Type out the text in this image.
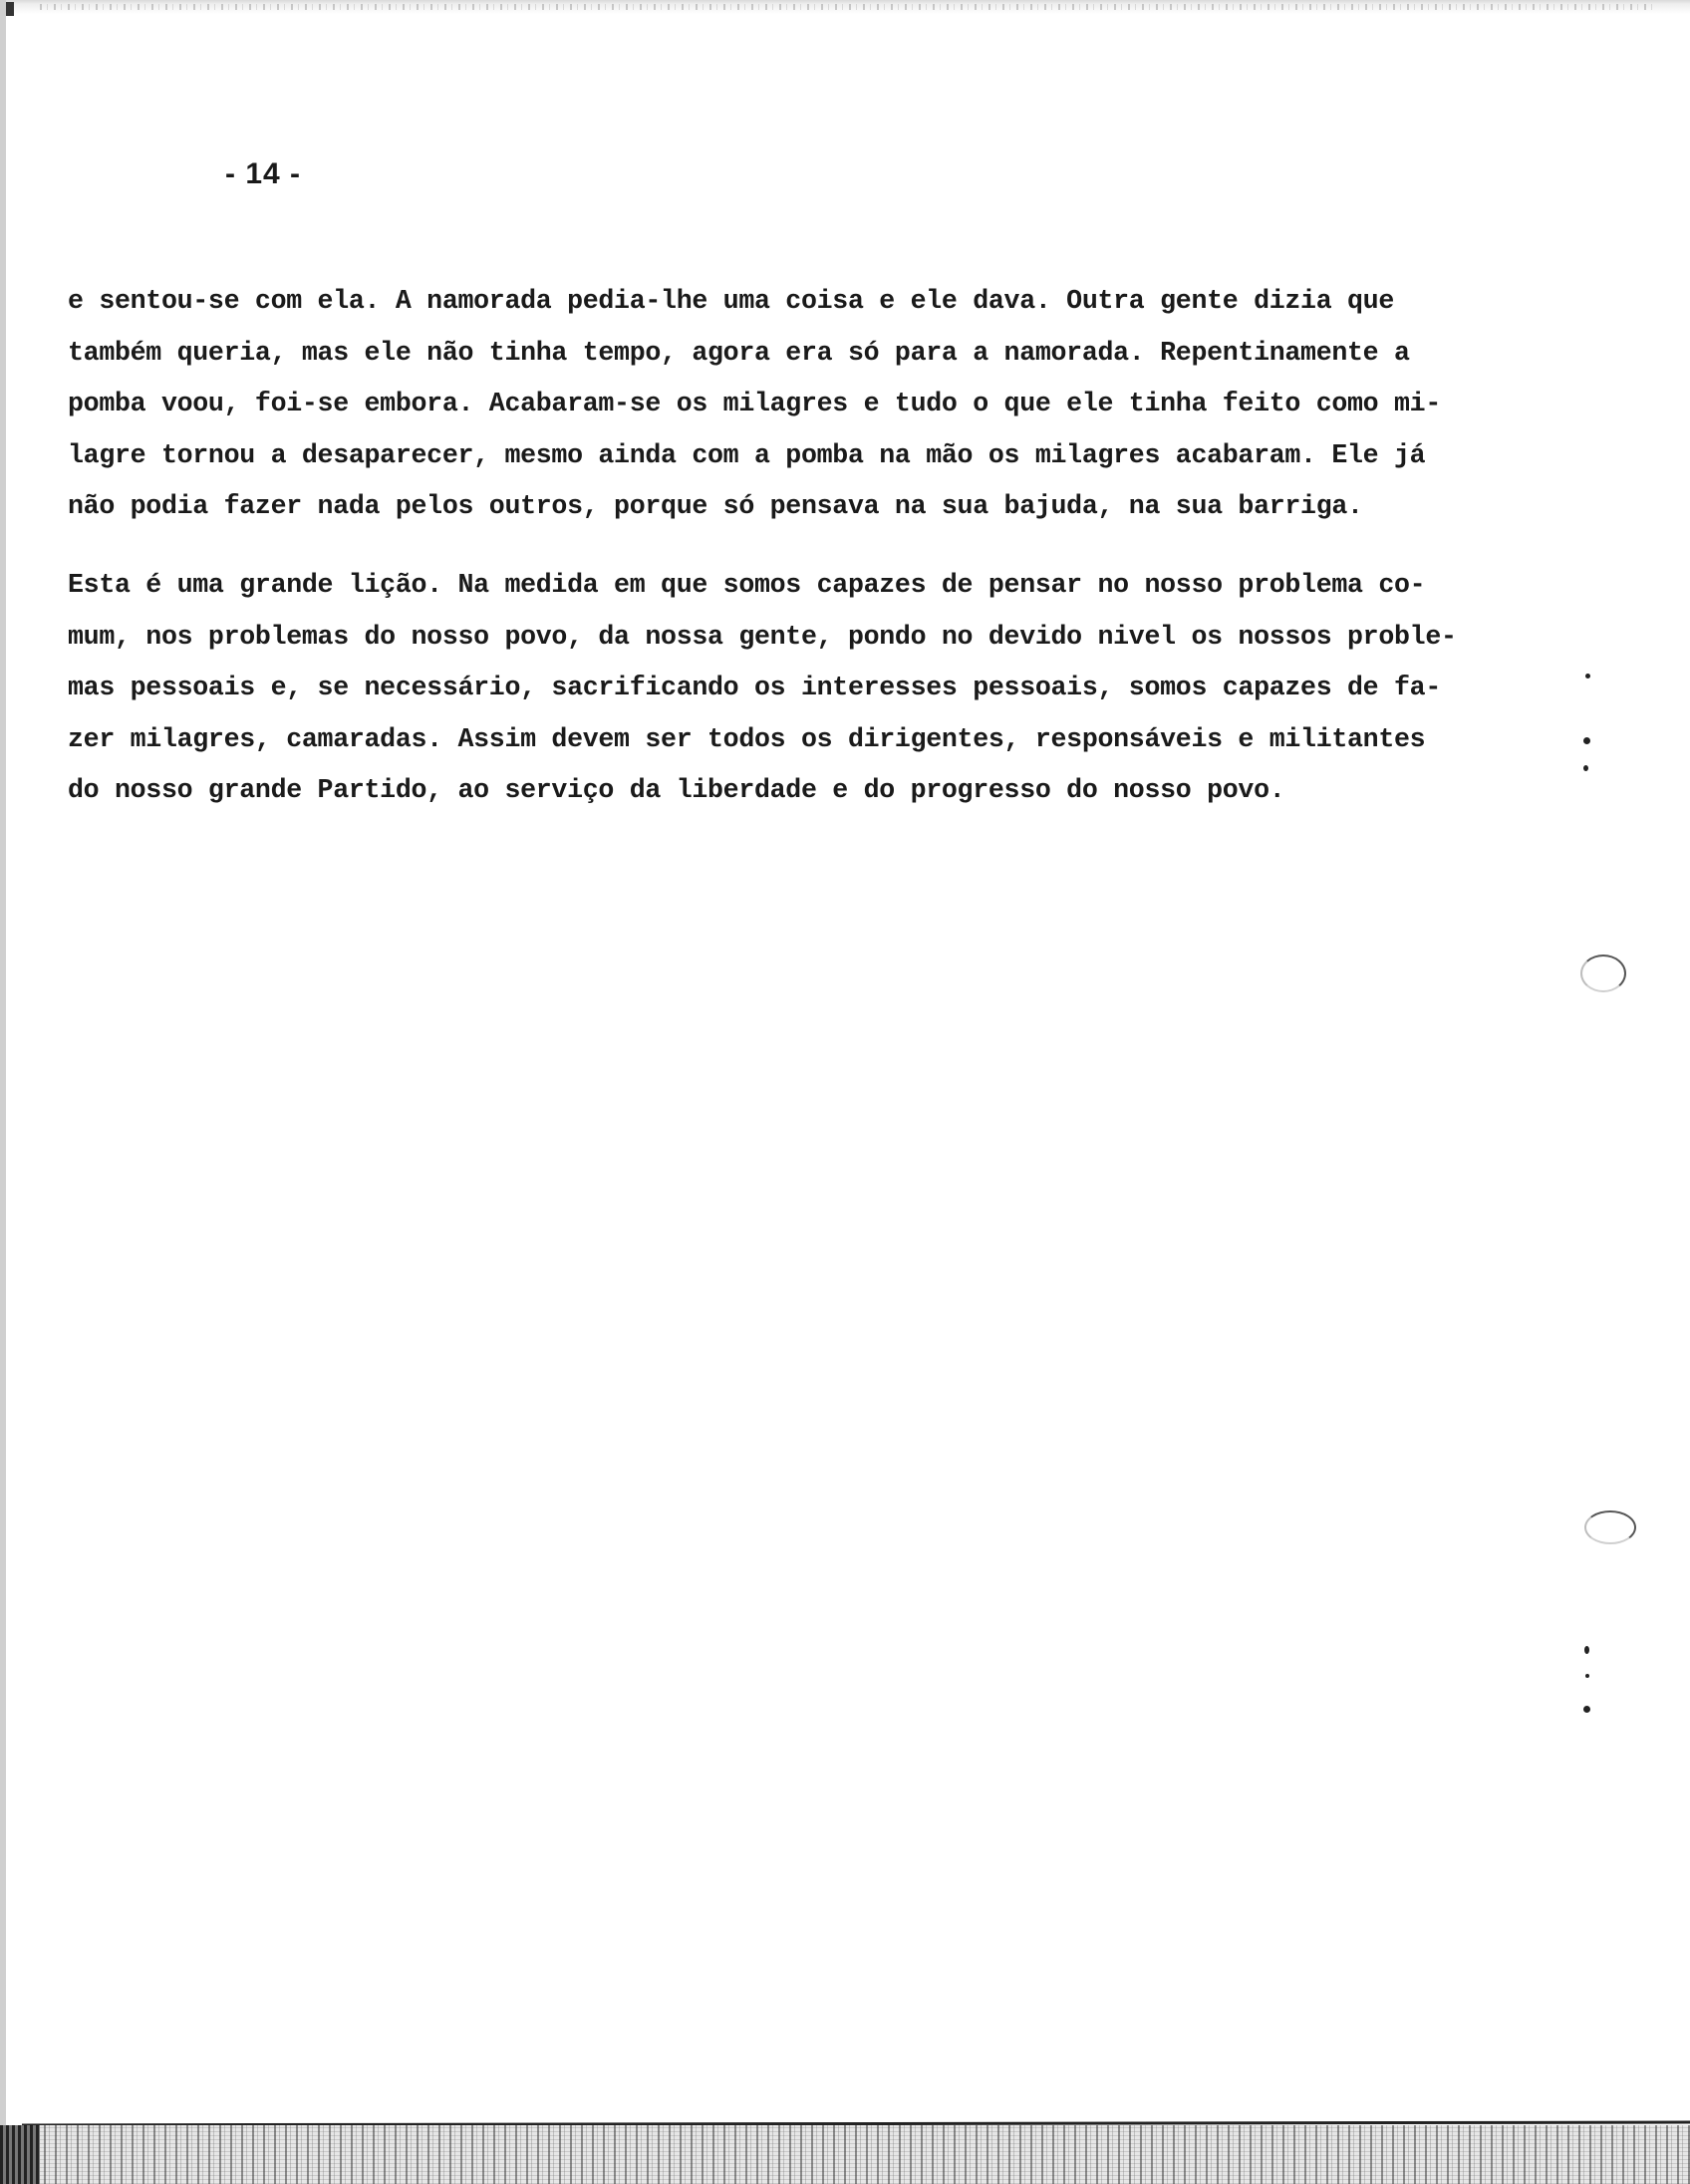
- 14 -
e sentou-se com ela. A namorada pedia-lhe uma coisa e ele dava. Outra gente dizia que
também queria, mas ele não tinha tempo, agora era só para a namorada. Repentinamente a
pomba voou, foi-se embora. Acabaram-se os milagres e tudo o que ele tinha feito como mi-
lagre tornou a desaparecer, mesmo ainda com a pomba na mão os milagres acabaram. Ele já
não podia fazer nada pelos outros, porque só pensava na sua bajuda, na sua barriga.
Esta é uma grande lição. Na medida em que somos capazes de pensar no nosso problema co-
mum, nos problemas do nosso povo, da nossa gente, pondo no devido nivel os nossos proble-
mas pessoais e, se necessário, sacrificando os interesses pessoais, somos capazes de fa-
zer milagres, camaradas. Assim devem ser todos os dirigentes, responsáveis e militantes
do nosso grande Partido, ao serviço da liberdade e do progresso do nosso povo.
